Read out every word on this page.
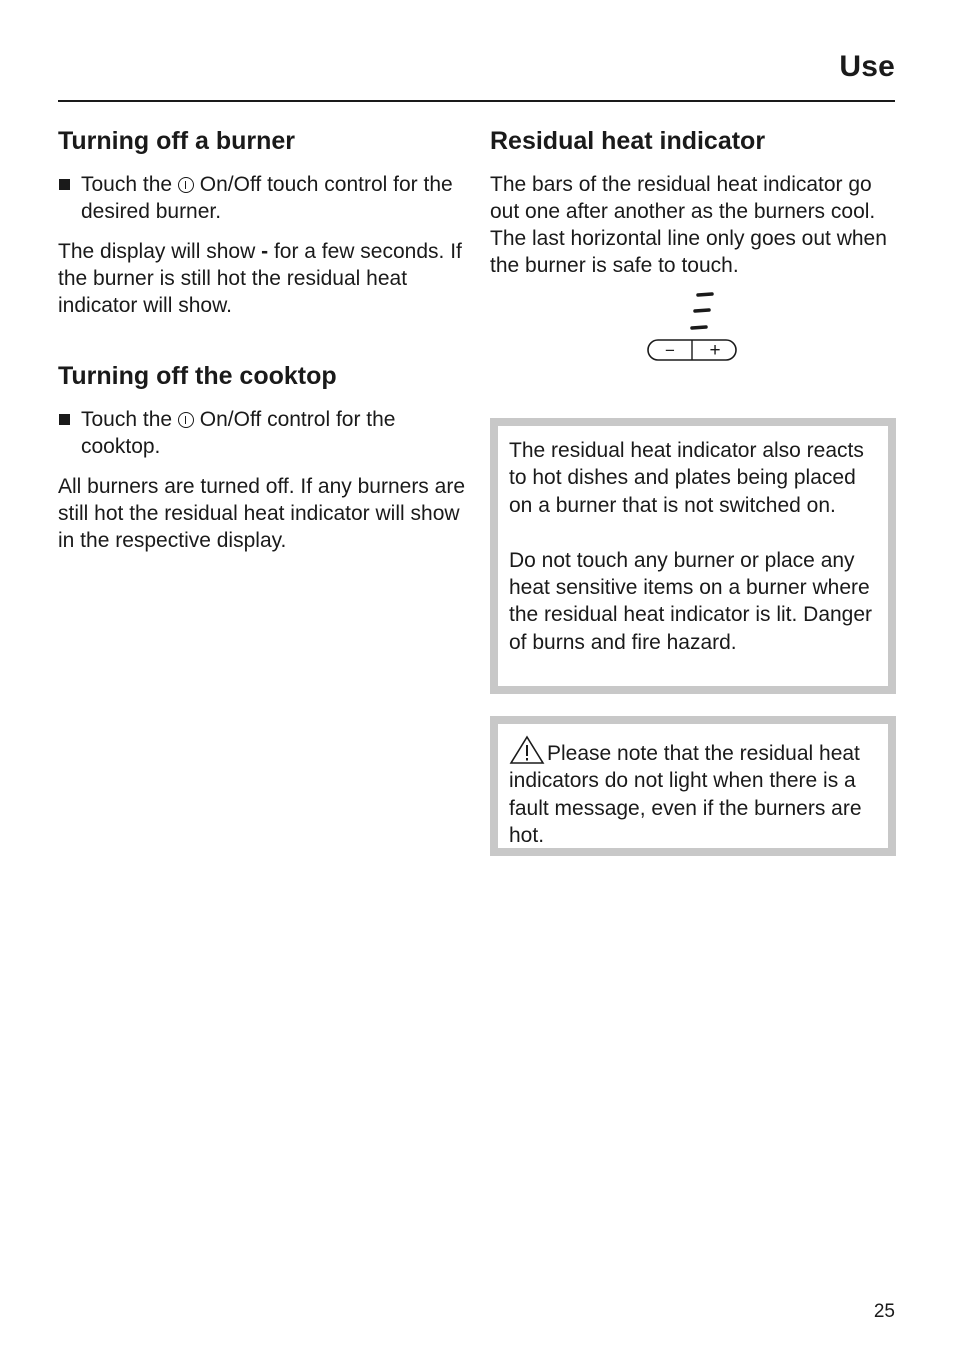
Use
Turning off a burner

Touch the On/Off touch control for the desired burner.

The display will show - for a few seconds. If the burner is still hot the residual heat indicator will show.

Turning off the cooktop

Touch the On/Off control for the cooktop.

All burners are turned off. If any burners are still hot the residual heat indicator will show in the respective display.

Residual heat indicator

The bars of the residual heat indicator go out one after another as the burners cool. The last horizontal line only goes out when the burner is safe to touch.

− +

The residual heat indicator also reacts to hot dishes and plates being placed on a burner that is not switched on.

Do not touch any burner or place any heat sensitive items on a burner where the residual heat indicator is lit. Danger of burns and fire hazard.

Please note that the residual heat indicators do not light when there is a fault message, even if the burners are hot.

25
